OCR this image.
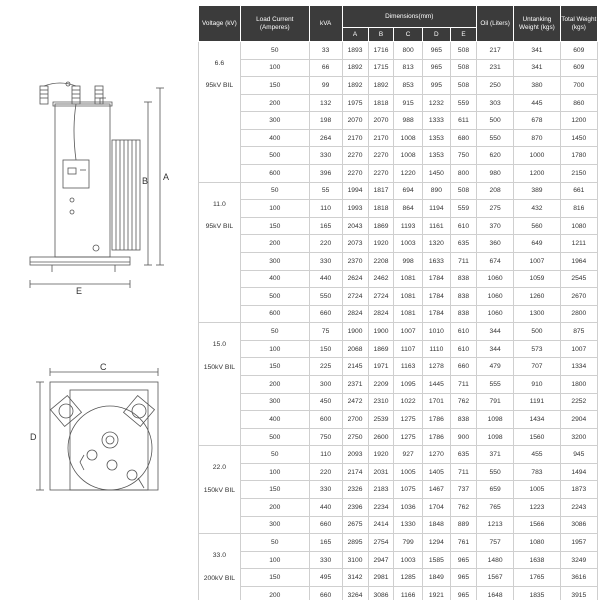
A
B
E
C
D
Voltage (kV)	Load Current (Amperes)	kVA	Dimensions(mm)					Oil (Liters)	Untanking Weight (kgs)	Total Weight (kgs)
			A	B	C	D	E			

6.6
95kV BIL	50	33	1893	1716	800	965	508	217	341	609
	100	66	1892	1715	813	965	508	231	341	609
	150	99	1892	1892	853	995	508	250	380	700
	200	132	1975	1818	915	1232	559	303	445	860
	300	198	2070	2070	988	1333	611	500	678	1200
	400	264	2170	2170	1008	1353	680	550	870	1450
	500	330	2270	2270	1008	1353	750	620	1000	1780
	600	396	2270	2270	1220	1450	800	980	1200	2150

11.0
95kV BIL	50	55	1994	1817	694	890	508	208	389	661
	100	110	1993	1818	864	1194	559	275	432	816
	150	165	2043	1869	1193	1161	610	370	560	1080
	200	220	2073	1920	1003	1320	635	360	649	1211
	300	330	2370	2208	998	1633	711	674	1007	1964
	400	440	2624	2462	1081	1784	838	1060	1059	2545
	500	550	2724	2724	1081	1784	838	1060	1260	2670
	600	660	2824	2824	1081	1784	838	1060	1300	2800

15.0
150kV BIL	50	75	1900	1900	1007	1010	610	344	500	875
	100	150	2068	1869	1107	1110	610	344	573	1007
	150	225	2145	1971	1163	1278	660	479	707	1334
	200	300	2371	2209	1095	1445	711	555	910	1800
	300	450	2472	2310	1022	1701	762	791	1191	2252
	400	600	2700	2539	1275	1786	838	1098	1434	2904
	500	750	2750	2600	1275	1786	900	1098	1560	3200

22.0
150kV BIL	50	110	2093	1920	927	1270	635	371	455	945
	100	220	2174	2031	1005	1405	711	550	783	1494
	150	330	2326	2183	1075	1467	737	659	1005	1873
	200	440	2396	2234	1036	1704	762	765	1223	2243
	300	660	2675	2414	1330	1848	889	1213	1566	3086

33.0
200kV BIL	50	165	2895	2754	799	1294	761	757	1080	1957
	100	330	3100	2947	1003	1585	965	1480	1638	3249
	150	495	3142	2981	1285	1849	965	1567	1765	3616
	200	660	3264	3086	1166	1921	965	1648	1835	3915
